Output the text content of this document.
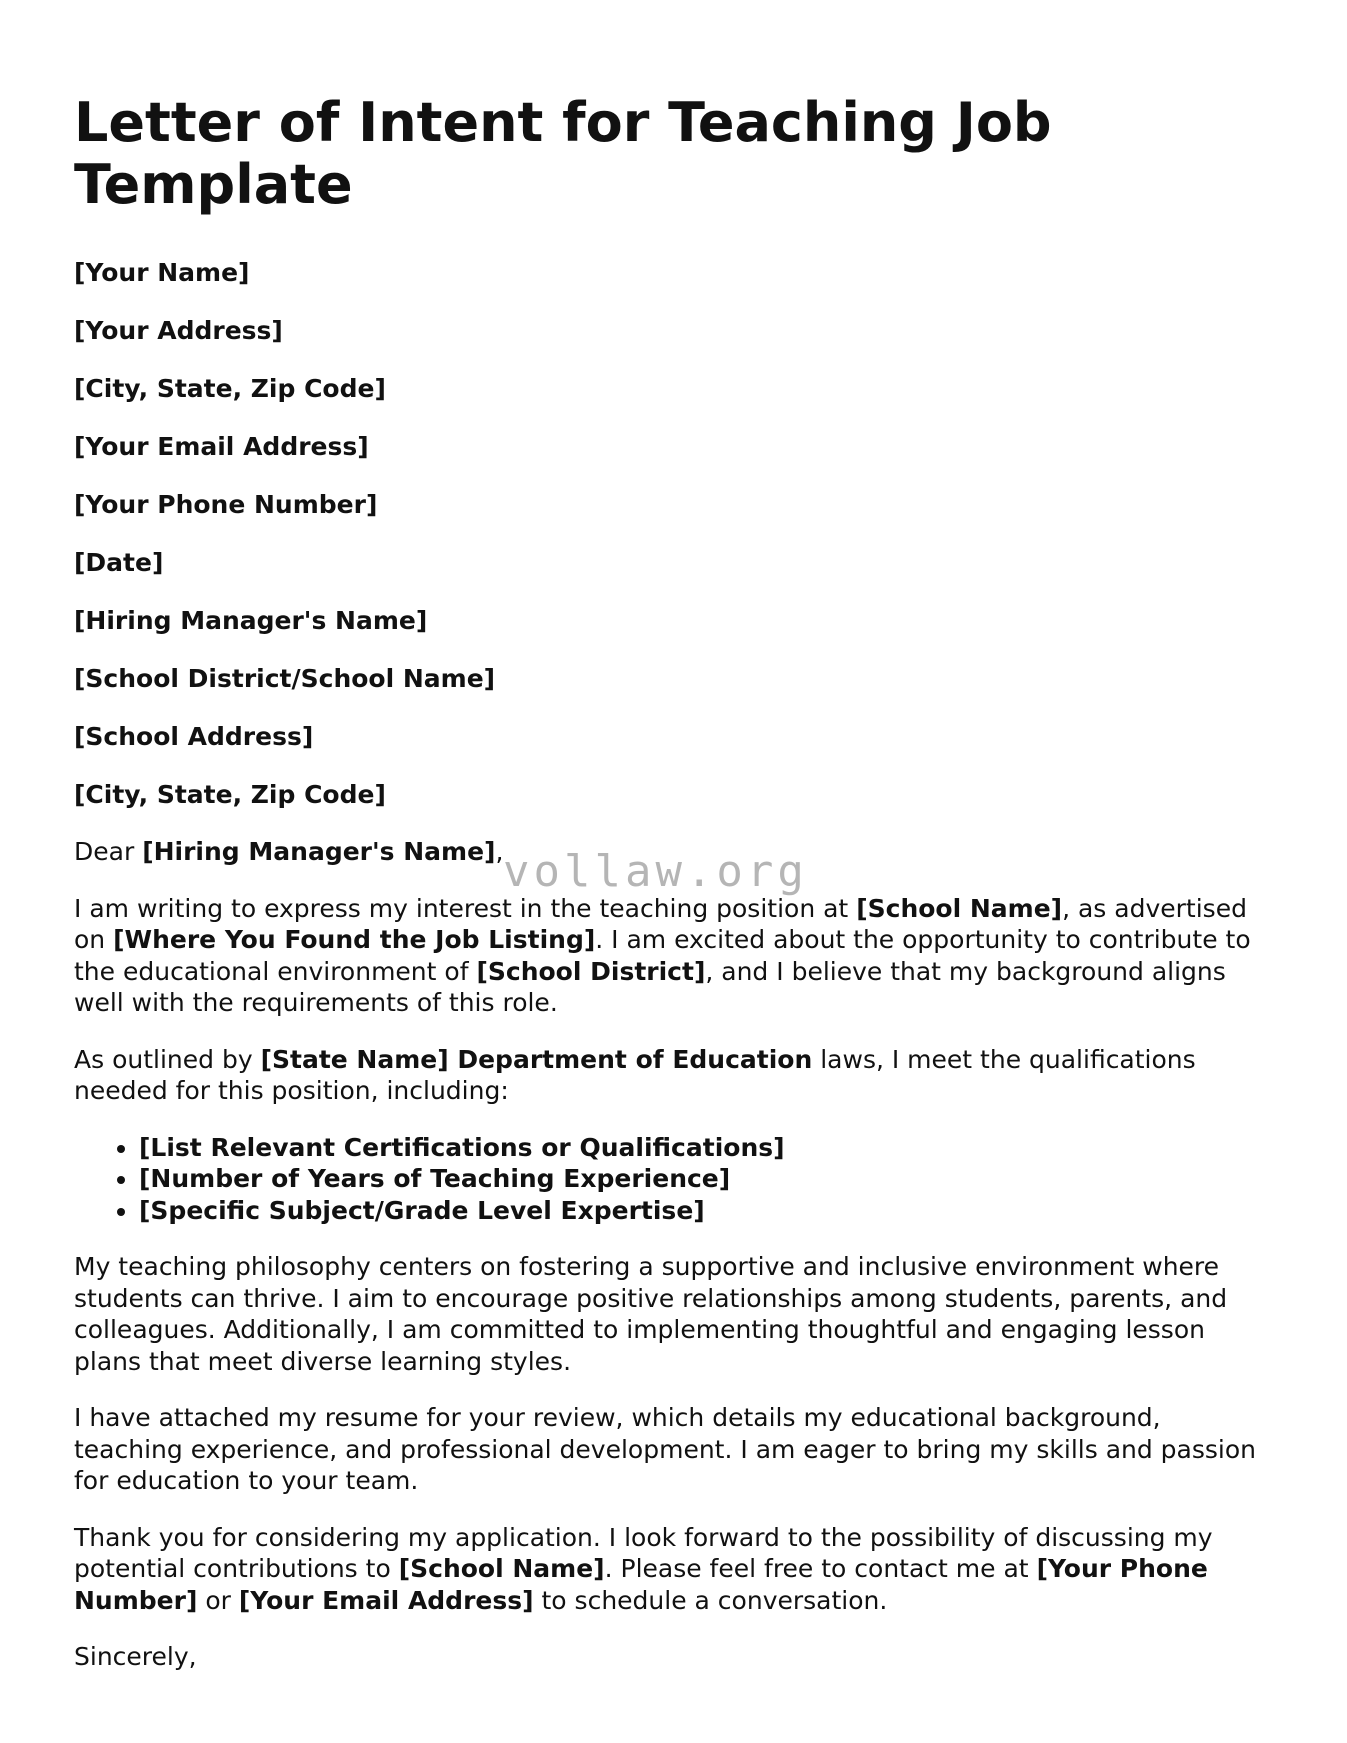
Letter of Intent for Teaching Job Template
[Your Name]
[Your Address]
[City, State, Zip Code]
[Your Email Address]
[Your Phone Number]
[Date]
[Hiring Manager's Name]
[School District/School Name]
[School Address]
[City, State, Zip Code]
Dear [Hiring Manager's Name],
I am writing to express my interest in the teaching position at [School Name], as advertised on [Where You Found the Job Listing]. I am excited about the opportunity to contribute to the educational environment of [School District], and I believe that my background aligns well with the requirements of this role.
As outlined by [State Name] Department of Education laws, I meet the qualifications needed for this position, including:
• [List Relevant Certifications or Qualifications]
• [Number of Years of Teaching Experience]
• [Specific Subject/Grade Level Expertise]
My teaching philosophy centers on fostering a supportive and inclusive environment where students can thrive. I aim to encourage positive relationships among students, parents, and colleagues. Additionally, I am committed to implementing thoughtful and engaging lesson plans that meet diverse learning styles.
I have attached my resume for your review, which details my educational background, teaching experience, and professional development. I am eager to bring my skills and passion for education to your team.
Thank you for considering my application. I look forward to the possibility of discussing my potential contributions to [School Name]. Please feel free to contact me at [Your Phone Number] or [Your Email Address] to schedule a conversation.
Sincerely,
vollaw.org
